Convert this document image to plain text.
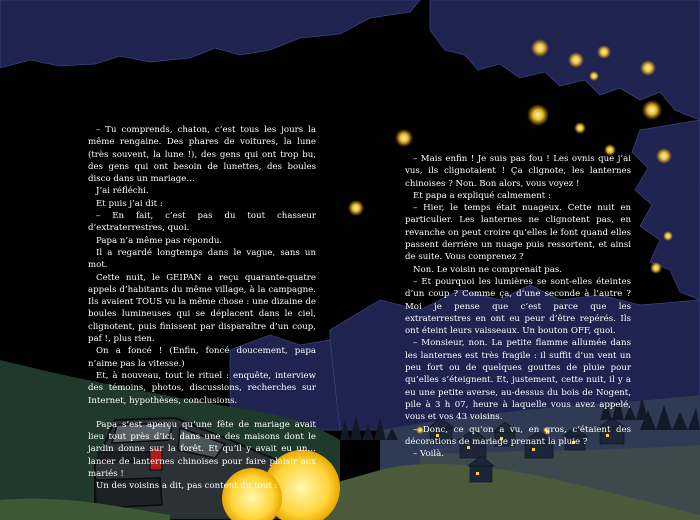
– Tu comprends, chaton, c’est tous les jours la même rengaine. Des phares de voitures, la lune (très souvent, la lune !), des gens qui ont trop bu, des gens qui ont besoin de lunettes, des boules disco dans un mariage…

J’ai réfléchi.

Et puis j’ai dit :

– En fait, c’est pas du tout chasseur d’extraterrestres, quoi.

Papa n’a même pas répondu.

Il a regardé longtemps dans le vague, sans un mot.

Cette nuit, le GEIPAN a reçu quarante-quatre appels d’habitants du même village, à la campagne. Ils avaient TOUS vu la même chose : une dizaine de boules lumineuses qui se déplacent dans le ciel, clignotent, puis finissent par disparaître d’un coup, paf !, plus rien.

On a foncé ! (Enfin, foncé doucement, papa n’aime pas la vitesse.)

Et, à nouveau, tout le rituel : enquête, interview des témoins, photos, discussions, recherches sur Internet, hypothèses, conclusions.

Papa s’est aperçu qu’une fête de mariage avait lieu tout près d’ici, dans une des maisons dont le jardin donne sur la forêt. Et qu’il y avait eu un… lancer de lanternes chinoises pour faire plaisir aux mariés !

Un des voisins a dit, pas content du tout :

– Mais enfin ! Je suis pas fou ! Les ovnis que j’ai vus, ils clignotaient ! Ça clignote, les lanternes chinoises ? Non. Bon alors, vous voyez !

Et papa a expliqué calmement :

– Hier, le temps était nuageux. Cette nuit en particulier. Les lanternes ne clignotent pas, en revanche on peut croire qu’elles le font quand elles passent derrière un nuage puis ressortent, et ainsi de suite. Vous comprenez ?

Non. Le voisin ne comprenait pas.

– Et pourquoi les lumières se sont-elles éteintes d’un coup ? Comme ça, d’une seconde à l’autre ? Moi je pense que c’est parce que les extraterrestres en ont eu peur d’être repérés. Ils ont éteint leurs vaisseaux. Un bouton OFF, quoi.

– Monsieur, non. La petite flamme allumée dans les lanternes est très fragile : il suffit d’un vent un peu fort ou de quelques gouttes de pluie pour qu’elles s’éteignent. Et, justement, cette nuit, il y a eu une petite averse, au-dessus du bois de Nogent, pile à 3 h 07, heure à laquelle vous avez appelé, vous et vos 43 voisins.

– Donc, ce qu’on a vu, en gros, c’étaient des décorations de mariage prenant la pluie ?

– Voilà.
